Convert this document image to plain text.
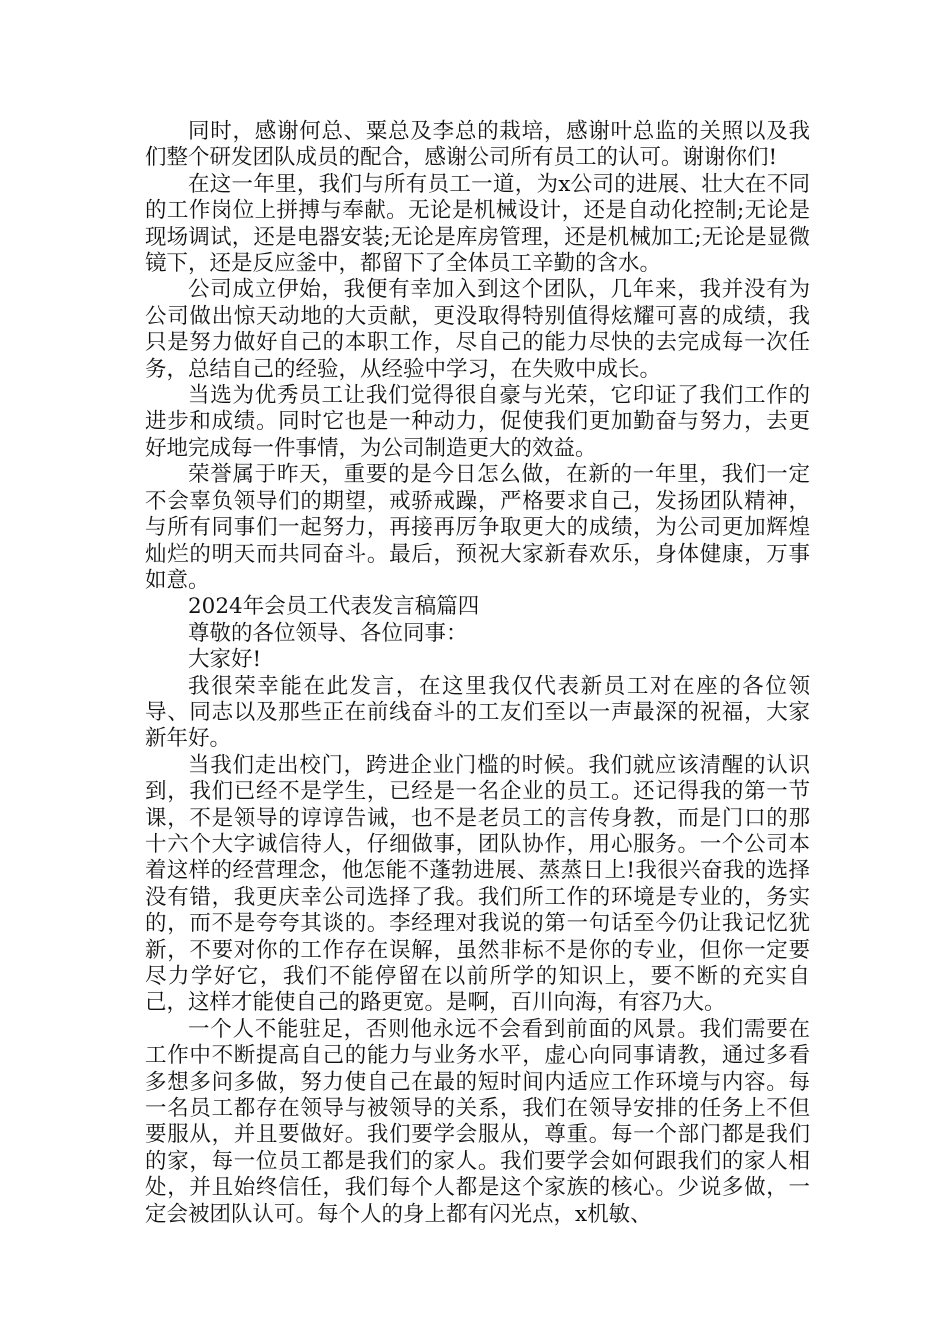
同时，感谢何总、粟总及李总的栽培，感谢叶总监的关照以及我们整个研发团队成员的配合，感谢公司所有员工的认可。谢谢你们!

在这一年里，我们与所有员工一道，为x公司的进展、壮大在不同的工作岗位上拼搏与奉献。无论是机械设计，还是自动化控制;无论是现场调试，还是电器安装;无论是库房管理，还是机械加工;无论是显微镜下，还是反应釜中，都留下了全体员工辛勤的含水。

公司成立伊始，我便有幸加入到这个团队，几年来，我并没有为公司做出惊天动地的大贡献，更没取得特别值得炫耀可喜的成绩，我只是努力做好自己的本职工作，尽自己的能力尽快的去完成每一次任务，总结自己的经验，从经验中学习，在失败中成长。

当选为优秀员工让我们觉得很自豪与光荣，它印证了我们工作的进步和成绩。同时它也是一种动力，促使我们更加勤奋与努力，去更好地完成每一件事情，为公司制造更大的效益。

荣誉属于昨天，重要的是今日怎么做，在新的一年里，我们一定不会辜负领导们的期望，戒骄戒躁，严格要求自己，发扬团队精神，与所有同事们一起努力，再接再厉争取更大的成绩，为公司更加辉煌灿烂的明天而共同奋斗。最后，预祝大家新春欢乐，身体健康，万事如意。

2024年会员工代表发言稿篇四

尊敬的各位领导、各位同事：

大家好!

我很荣幸能在此发言，在这里我仅代表新员工对在座的各位领导、同志以及那些正在前线奋斗的工友们至以一声最深的祝福，大家新年好。

当我们走出校门，跨进企业门槛的时候。我们就应该清醒的认识到，我们已经不是学生，已经是一名企业的员工。还记得我的第一节课，不是领导的谆谆告诫，也不是老员工的言传身教，而是门口的那十六个大字诚信待人，仔细做事，团队协作，用心服务。一个公司本着这样的经营理念，他怎能不蓬勃进展、蒸蒸日上!我很兴奋我的选择没有错，我更庆幸公司选择了我。我们所工作的环境是专业的，务实的，而不是夸夸其谈的。李经理对我说的第一句话至今仍让我记忆犹新，不要对你的工作存在误解，虽然非标不是你的专业，但你一定要尽力学好它，我们不能停留在以前所学的知识上，要不断的充实自己，这样才能使自己的路更宽。是啊，百川向海，有容乃大。

一个人不能驻足，否则他永远不会看到前面的风景。我们需要在工作中不断提高自己的能力与业务水平，虚心向同事请教，通过多看多想多问多做，努力使自己在最的短时间内适应工作环境与内容。每一名员工都存在领导与被领导的关系，我们在领导安排的任务上不但要服从，并且要做好。我们要学会服从，尊重。每一个部门都是我们的家，每一位员工都是我们的家人。我们要学会如何跟我们的家人相处，并且始终信任，我们每个人都是这个家族的核心。少说多做，一定会被团队认可。每个人的身上都有闪光点，x机敏、
